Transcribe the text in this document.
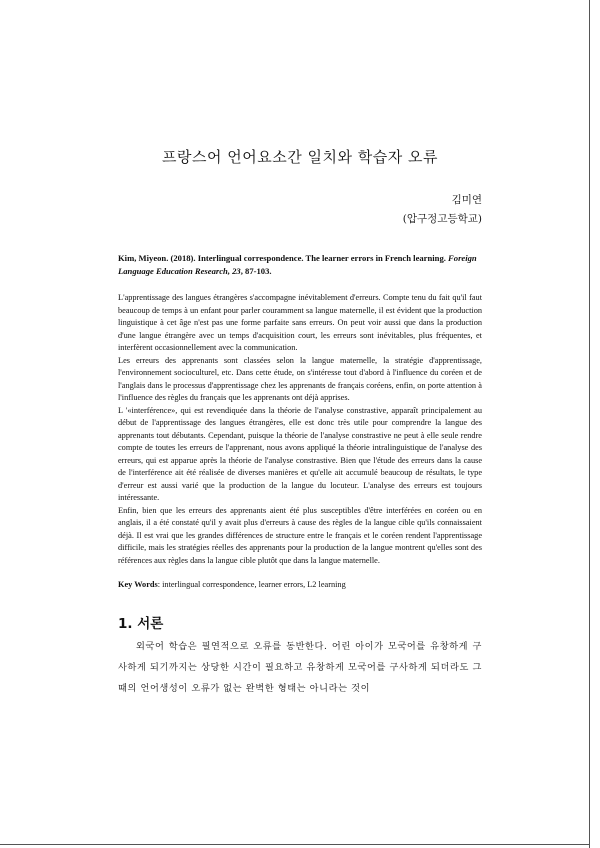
프랑스어 언어요소간 일치와 학습자 오류
김미연
(압구정고등학교)
Kim, Miyeon. (2018). Interlingual correspondence. The learner errors in French learning. Foreign Language Education Research, 23, 87-103.

L'apprentissage des langues étrangères s'accompagne inévitablement d'erreurs. Compte tenu du fait qu'il faut beaucoup de temps à un enfant pour parler couramment sa langue maternelle, il est évident que la production linguistique à cet âge n'est pas une forme parfaite sans erreurs. On peut voir aussi que dans la production d'une langue étrangère avec un temps d'acquisition court, les erreurs sont inévitables, plus fréquentes, et interfèrent occasionnellement avec la communication.

Les erreurs des apprenants sont classées selon la langue maternelle, la stratégie d'apprentissage, l'environnement socioculturel, etc. Dans cette étude, on s'intéresse tout d'abord à l'influence du coréen et de l'anglais dans le processus d'apprentissage chez les apprenants de français coréens, enfin, on porte attention à l'influence des règles du français que les apprenants ont déjà apprises.

L '«interférence», qui est revendiquée dans la théorie de l'analyse constrastive, apparaît principalement au début de l'apprentissage des langues étrangères, elle est donc très utile pour comprendre la langue des apprenants tout débutants. Cependant, puisque la théorie de l'analyse constrastive ne peut à elle seule rendre compte de toutes les erreurs de l'apprenant, nous avons appliqué la théorie intralinguistique de l'analyse des erreurs, qui est apparue après la théorie de l'analyse constrastive. Bien que l'étude des erreurs dans la cause de l'interférence ait été réalisée de diverses manières et qu'elle ait accumulé beaucoup de résultats, le type d'erreur est aussi varié que la production de la langue du locuteur. L'analyse des erreurs est toujours intéressante.

Enfin, bien que les erreurs des apprenants aient été plus susceptibles d'être interférées en coréen ou en anglais, il a été constaté qu'il y avait plus d'erreurs à cause des règles de la langue cible qu'ils connaissaient déjà. Il est vrai que les grandes différences de structure entre le français et le coréen rendent l'apprentissage difficile, mais les stratégies réelles des apprenants pour la production de la langue montrent qu'elles sont des références aux règles dans la langue cible plutôt que dans la langue maternelle.

Key Words: interlingual correspondence, learner errors, L2 learning
1. 서론

외국어 학습은 필연적으로 오류를 동반한다. 어린 아이가 모국어를 유창하게 구사하게 되기까지는 상당한 시간이 필요하고 유창하게 모국어를 구사하게 되더라도 그 때의 언어생성이 오류가 없는 완벽한 형태는 아니라는 것이
